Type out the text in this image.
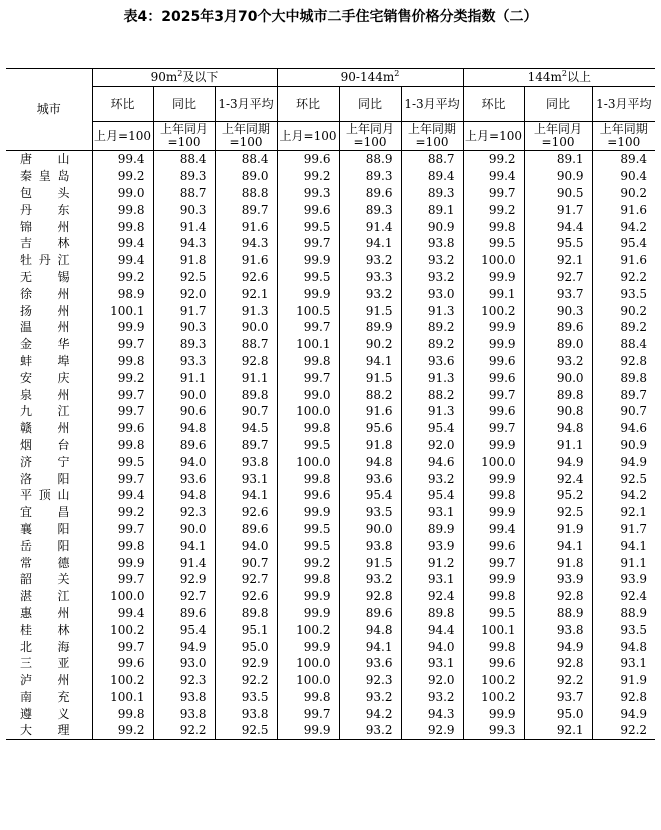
表4：2025年3月70个大中城市二手住宅销售价格分类指数（二）
城市	$90m^2$及以下			$90-144m^2$			$144m^2$以上		
	环比	同比	1-3月平均	环比	同比	1-3月平均	环比	同比	1-3月平均
	上月=100	上年同月=100	上年同期=100	上月=100	上年同月=100	上年同期=100	上月=100	上年同月=100	上年同期=100
唐山	99.4	88.4	88.4	99.6	88.9	88.7	99.2	89.1	89.4
秦皇岛	99.2	89.3	89.0	99.2	89.3	89.4	99.4	90.9	90.4
包头	99.0	88.7	88.8	99.3	89.6	89.3	99.7	90.5	90.2
丹东	99.8	90.3	89.7	99.6	89.3	89.1	99.2	91.7	91.6
锦州	99.8	91.4	91.6	99.5	91.4	90.9	99.8	94.4	94.2
吉林	99.4	94.3	94.3	99.7	94.1	93.8	99.5	95.5	95.4
牡丹江	99.4	91.8	91.6	99.9	93.2	93.2	100.0	92.1	91.6
无锡	99.2	92.5	92.6	99.5	93.3	93.2	99.9	92.7	92.2
徐州	98.9	92.0	92.1	99.9	93.2	93.0	99.1	93.7	93.5
扬州	100.1	91.7	91.3	100.5	91.5	91.3	100.2	90.3	90.2
温州	99.9	90.3	90.0	99.7	89.9	89.2	99.9	89.6	89.2
金华	99.7	89.3	88.7	100.1	90.2	89.2	99.9	89.0	88.4
蚌埠	99.8	93.3	92.8	99.8	94.1	93.6	99.6	93.2	92.8
安庆	99.2	91.1	91.1	99.7	91.5	91.3	99.6	90.0	89.8
泉州	99.7	90.0	89.8	99.0	88.2	88.2	99.7	89.8	89.7
九江	99.7	90.6	90.7	100.0	91.6	91.3	99.6	90.8	90.7
赣州	99.6	94.8	94.5	99.8	95.6	95.4	99.7	94.8	94.6
烟台	99.8	89.6	89.7	99.5	91.8	92.0	99.9	91.1	90.9
济宁	99.5	94.0	93.8	100.0	94.8	94.6	100.0	94.9	94.9
洛阳	99.7	93.6	93.1	99.8	93.6	93.2	99.9	92.4	92.5
平顶山	99.4	94.8	94.1	99.6	95.4	95.4	99.8	95.2	94.2
宜昌	99.2	92.3	92.6	99.9	93.5	93.1	99.9	92.5	92.1
襄阳	99.7	90.0	89.6	99.5	90.0	89.9	99.4	91.9	91.7
岳阳	99.8	94.1	94.0	99.5	93.8	93.9	99.6	94.1	94.1
常德	99.9	91.4	90.7	99.2	91.5	91.2	99.7	91.8	91.1
韶关	99.7	92.9	92.7	99.8	93.2	93.1	99.9	93.9	93.9
湛江	100.0	92.7	92.6	99.9	92.8	92.4	99.8	92.8	92.4
惠州	99.4	89.6	89.8	99.9	89.6	89.8	99.5	88.9	88.9
桂林	100.2	95.4	95.1	100.2	94.8	94.4	100.1	93.8	93.5
北海	99.7	94.9	95.0	99.9	94.1	94.0	99.8	94.9	94.8
三亚	99.6	93.0	92.9	100.0	93.6	93.1	99.6	92.8	93.1
泸州	100.2	92.3	92.2	100.0	92.3	92.0	100.2	92.2	91.9
南充	100.1	93.8	93.5	99.8	93.2	93.2	100.2	93.7	92.8
遵义	99.8	93.8	93.8	99.7	94.2	94.3	99.9	95.0	94.9
大理	99.2	92.2	92.5	99.9	93.2	92.9	99.3	92.1	92.2
